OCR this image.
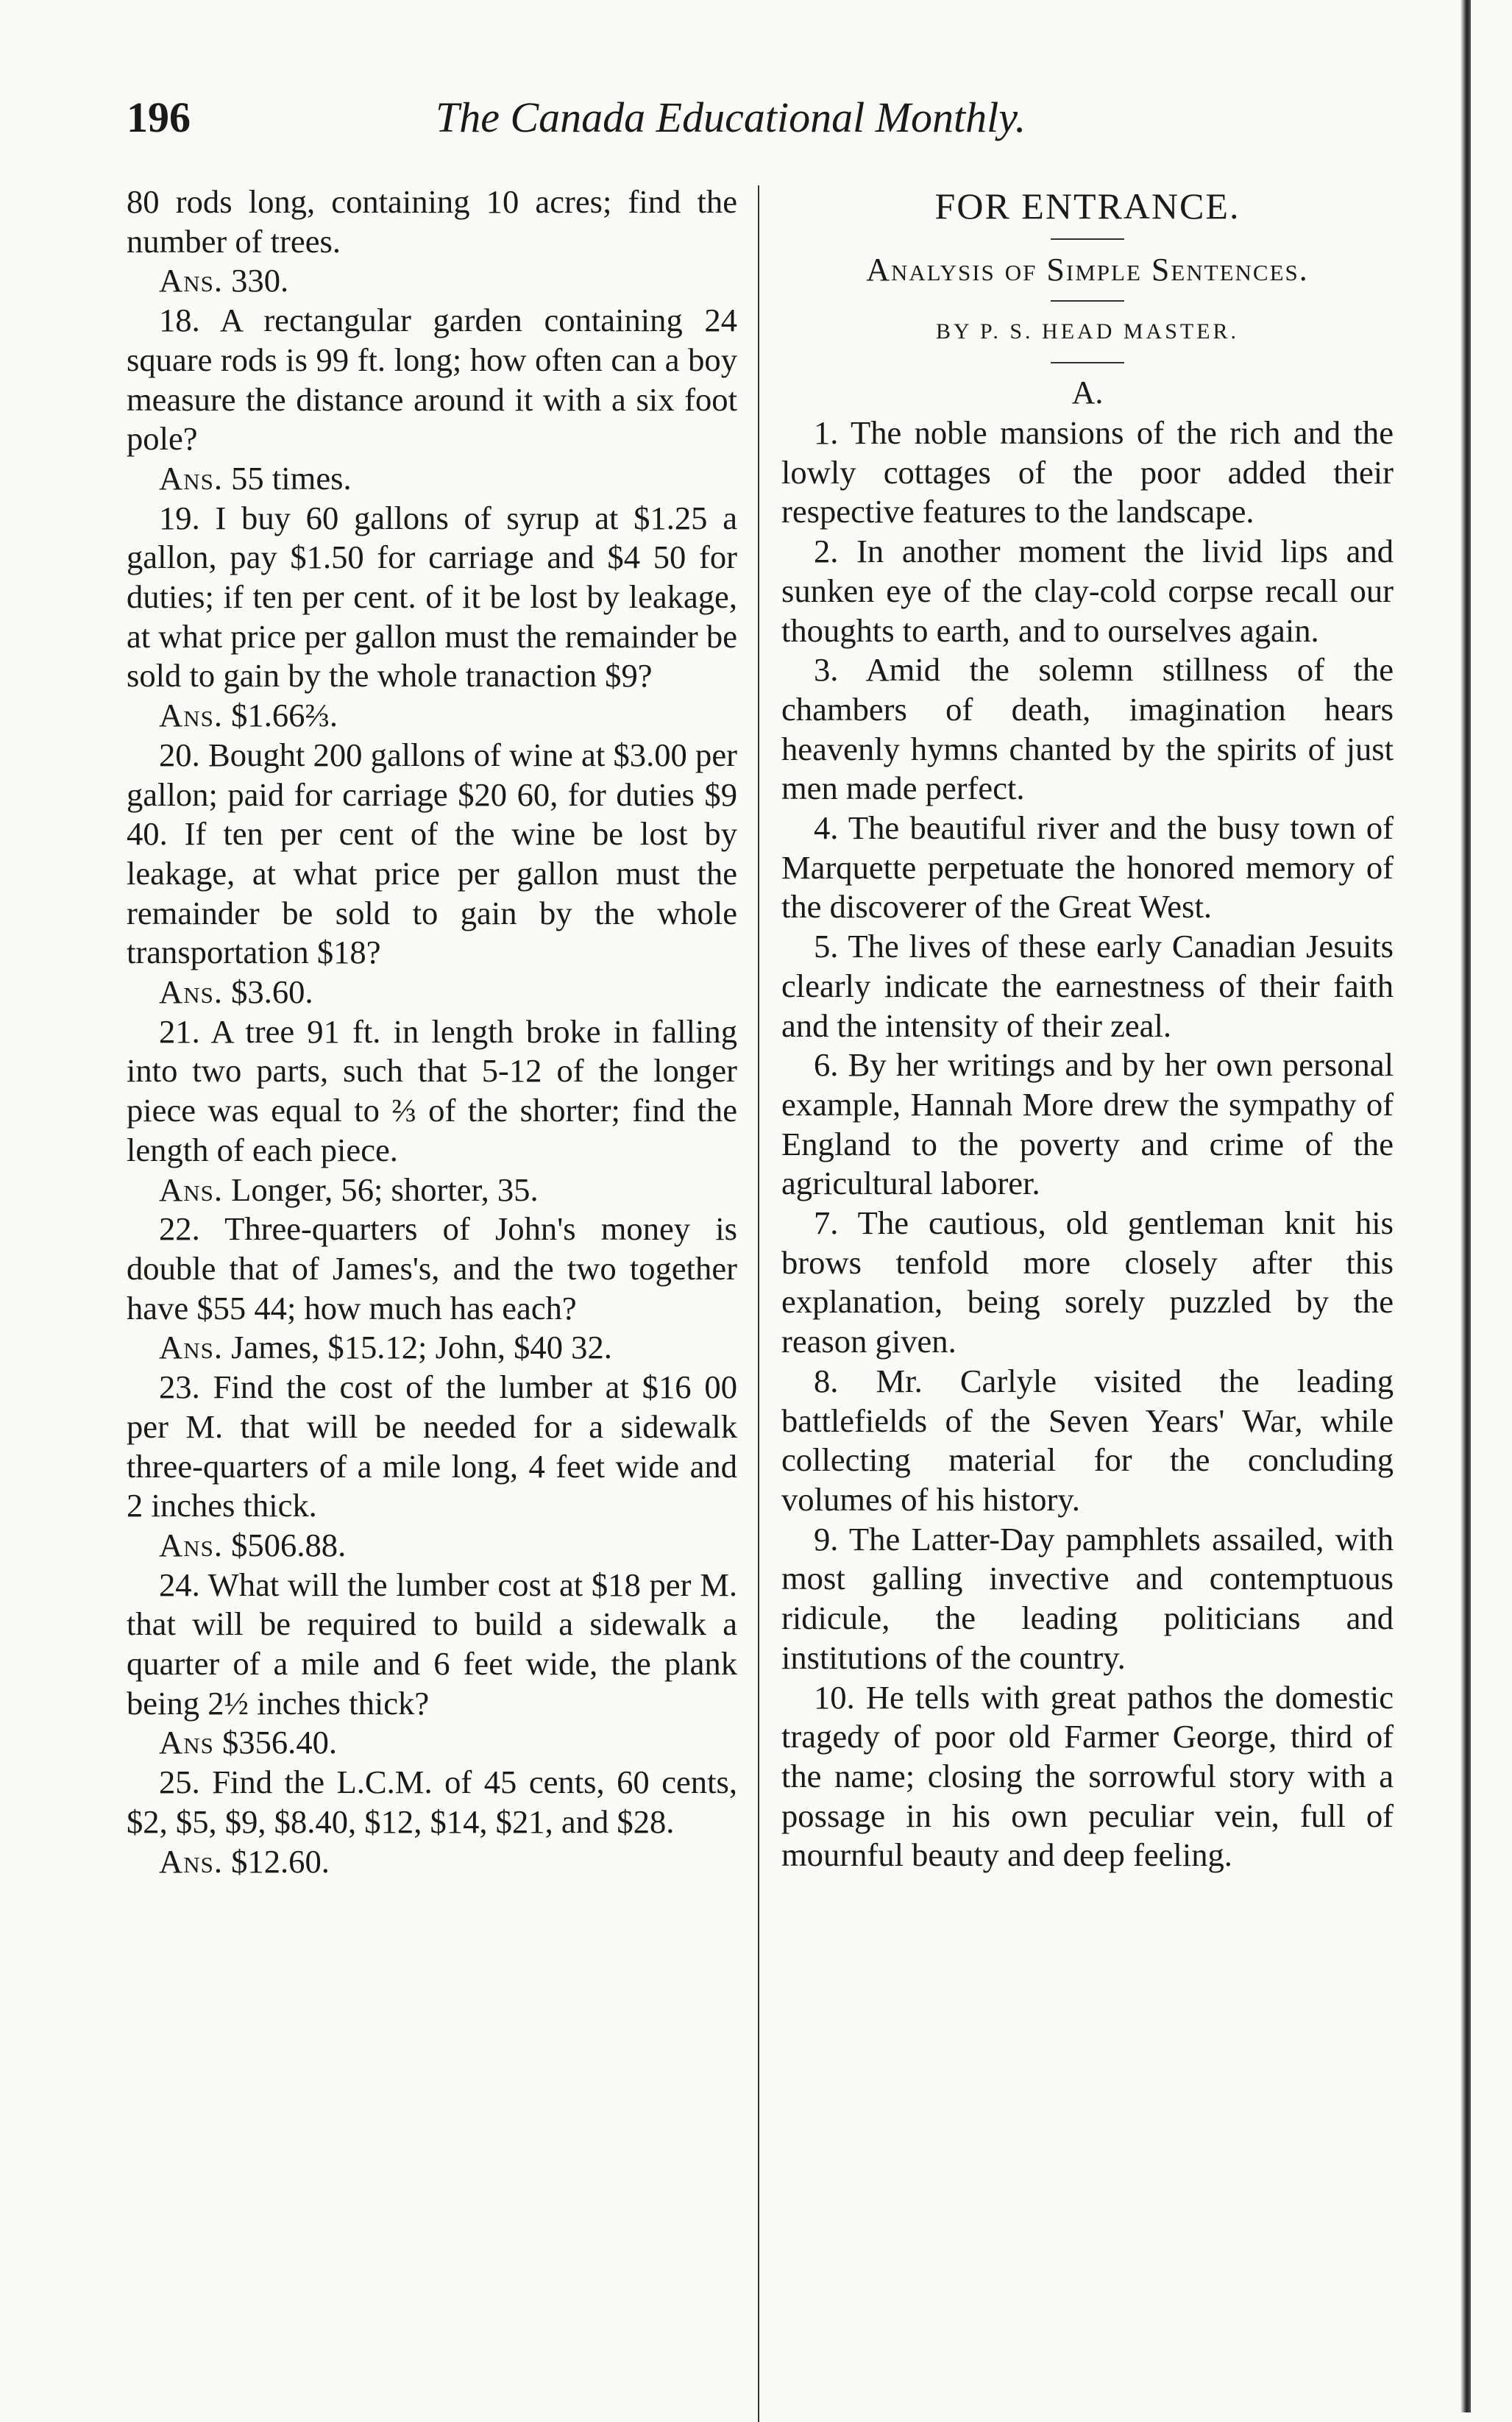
196	The Canada Educational Monthly.

80 rods long, containing 10 acres; find the number of trees.

Ans. 330.

18. A rectangular garden containing 24 square rods is 99 ft. long; how often can a boy measure the distance around it with a six foot pole?

Ans. 55 times.

19. I buy 60 gallons of syrup at $1.25 a gallon, pay $1.50 for carriage and $4 50 for duties; if ten per cent. of it be lost by leakage, at what price per gallon must the remainder be sold to gain by the whole tranaction $9?

Ans. $1.66⅔.

20. Bought 200 gallons of wine at $3.00 per gallon; paid for carriage $20 60, for duties $9 40. If ten per cent of the wine be lost by leakage, at what price per gallon must the remainder be sold to gain by the whole transportation $18?

Ans. $3.60.

21. A tree 91 ft. in length broke in falling into two parts, such that 5-12 of the longer piece was equal to ⅔ of the shorter; find the length of each piece.

Ans. Longer, 56; shorter, 35.

22. Three-quarters of John's money is double that of James's, and the two together have $55 44; how much has each?

Ans. James, $15.12; John, $40 32.

23. Find the cost of the lumber at $16 00 per M. that will be needed for a sidewalk three-quarters of a mile long, 4 feet wide and 2 inches thick.

Ans. $506.88.

24. What will the lumber cost at $18 per M. that will be required to build a sidewalk a quarter of a mile and 6 feet wide, the plank being 2½ inches thick?

Ans $356.40.

25. Find the L.C.M. of 45 cents, 60 cents, $2, $5, $9, $8.40, $12, $14, $21, and $28.

Ans. $12.60.

FOR ENTRANCE.

Analysis of Simple Sentences.

BY P. S. HEAD MASTER.

A.

1. The noble mansions of the rich and the lowly cottages of the poor added their respective features to the landscape.

2. In another moment the livid lips and sunken eye of the clay-cold corpse recall our thoughts to earth, and to ourselves again.

3. Amid the solemn stillness of the chambers of death, imagination hears heavenly hymns chanted by the spirits of just men made perfect.

4. The beautiful river and the busy town of Marquette perpetuate the honored memory of the discoverer of the Great West.

5. The lives of these early Canadian Jesuits clearly indicate the earnestness of their faith and the intensity of their zeal.

6. By her writings and by her own personal example, Hannah More drew the sympathy of England to the poverty and crime of the agricultural laborer.

7. The cautious, old gentleman knit his brows tenfold more closely after this explanation, being sorely puzzled by the reason given.

8. Mr. Carlyle visited the leading battlefields of the Seven Years' War, while collecting material for the concluding volumes of his history.

9. The Latter-Day pamphlets assailed, with most galling invective and contemptuous ridicule, the leading politicians and institutions of the country.

10. He tells with great pathos the domestic tragedy of poor old Farmer George, third of the name; closing the sorrowful story with a possage in his own peculiar vein, full of mournful beauty and deep feeling.
